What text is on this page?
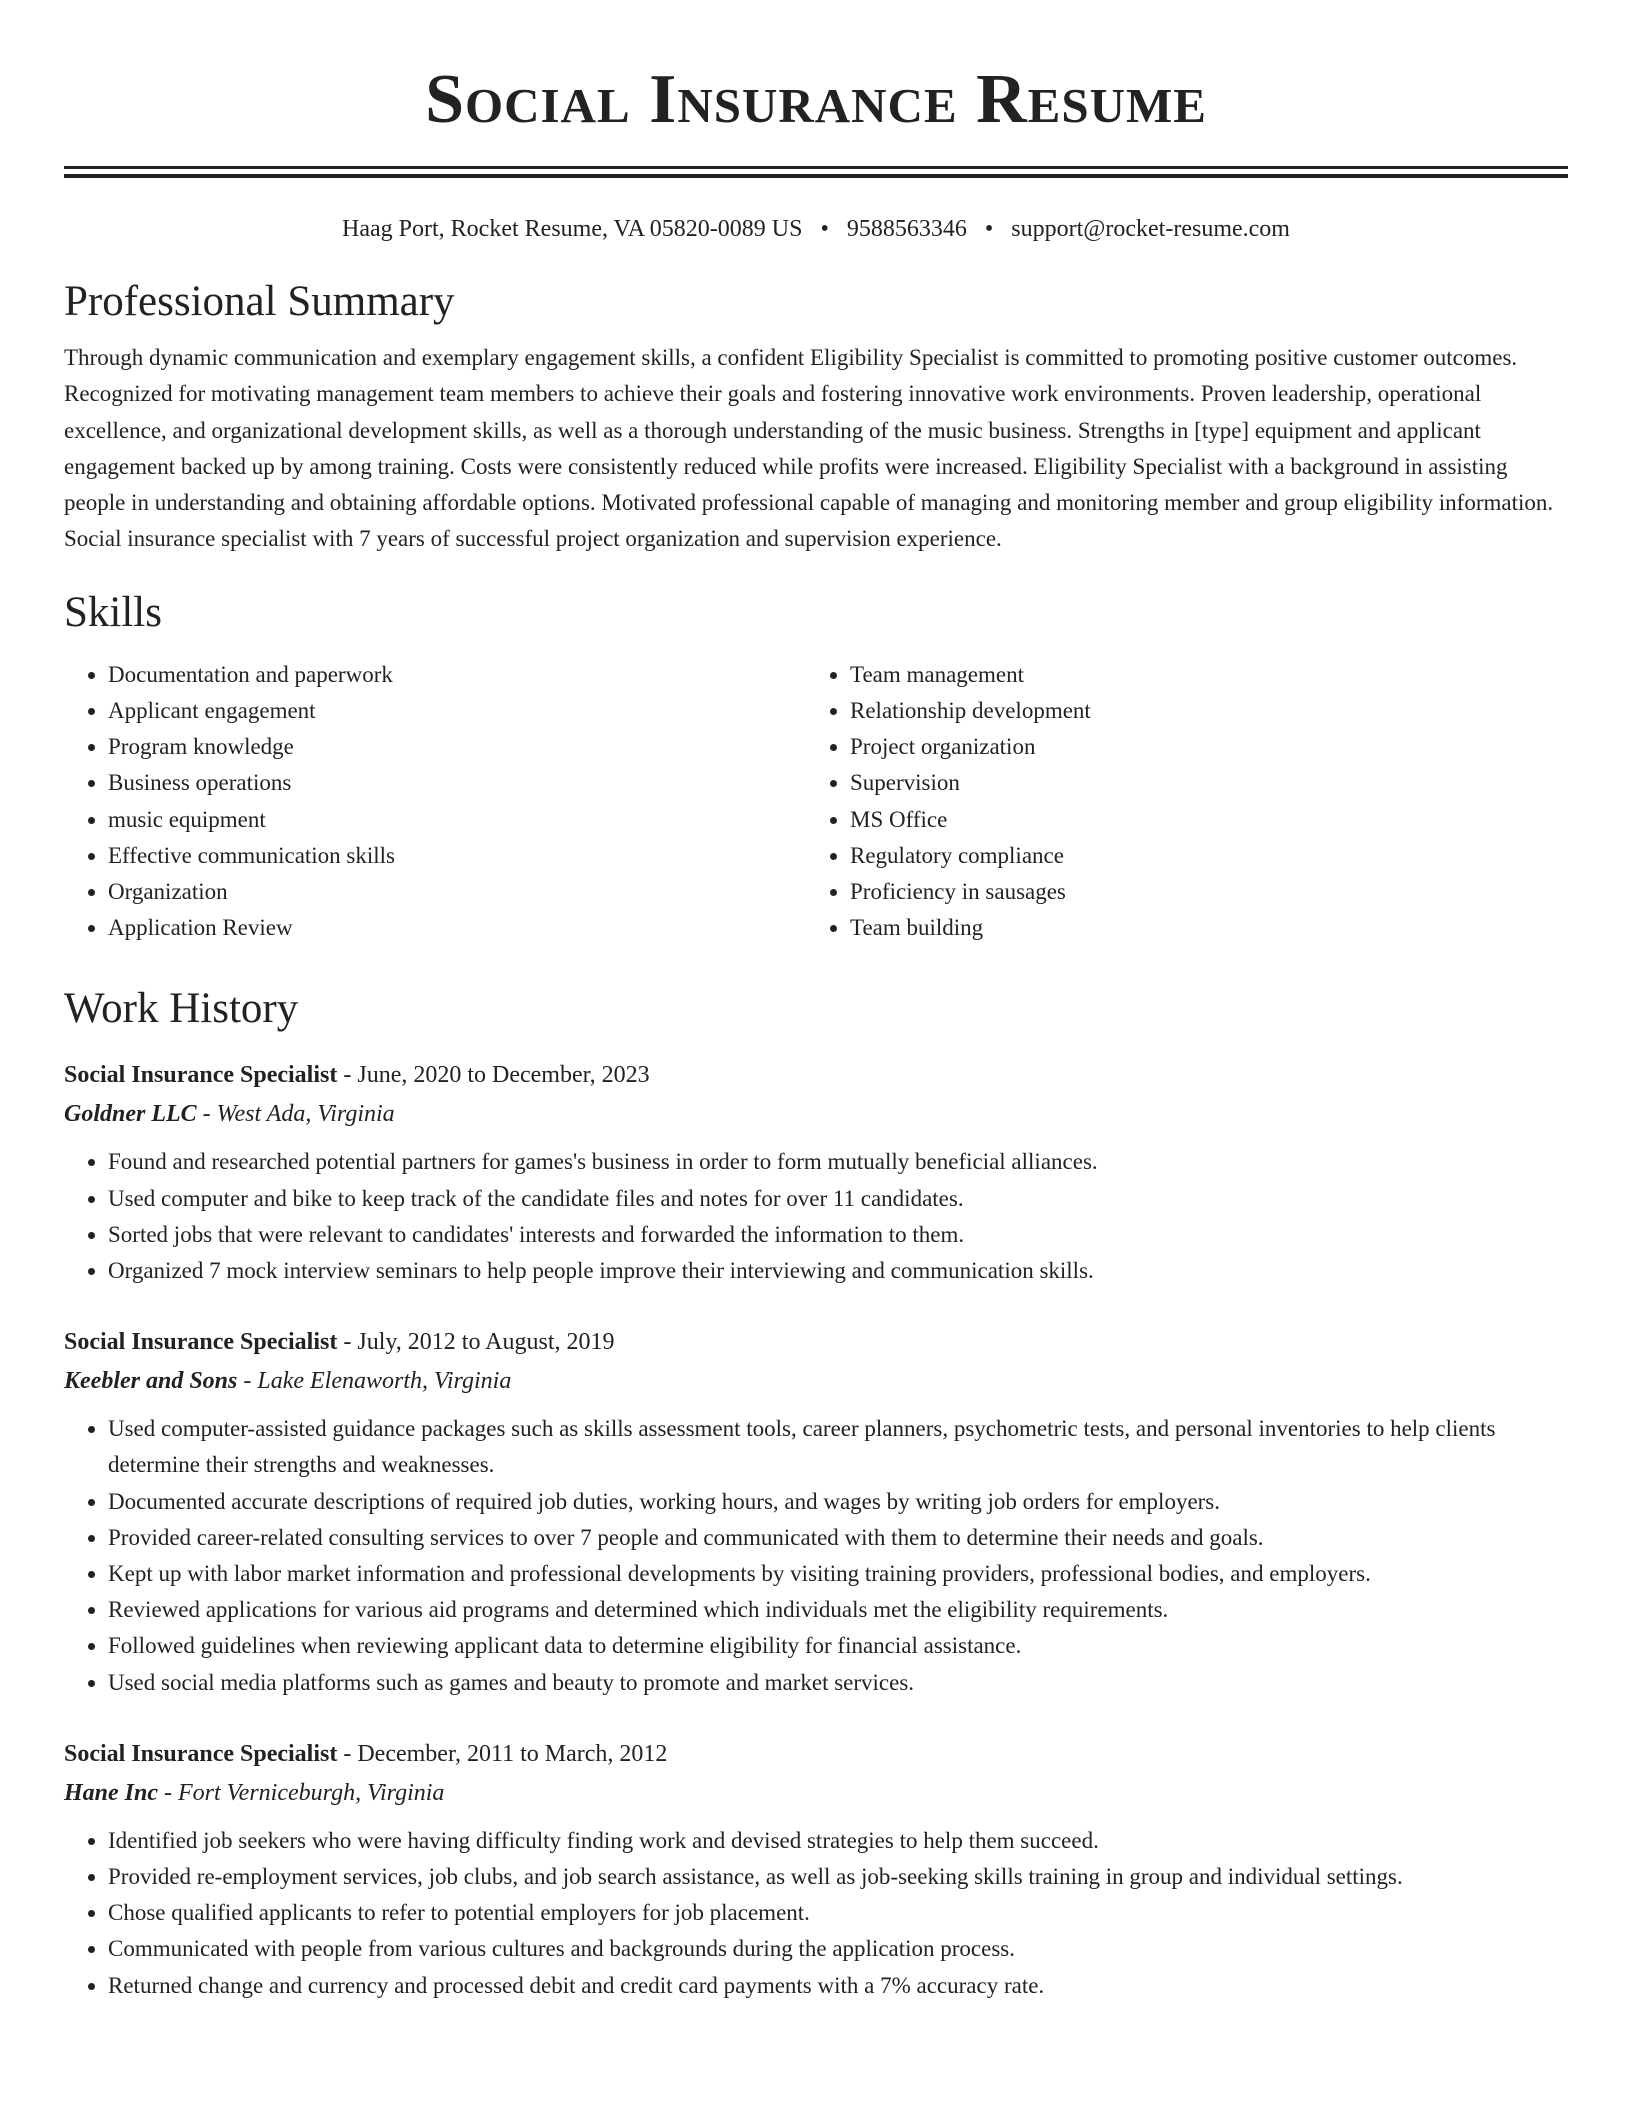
Social Insurance Resume
Haag Port, Rocket Resume, VA 05820-0089 US • 9588563346 • support@rocket-resume.com
Professional Summary

Through dynamic communication and exemplary engagement skills, a confident Eligibility Specialist is committed to promoting positive customer outcomes. Recognized for motivating management team members to achieve their goals and fostering innovative work environments. Proven leadership, operational excellence, and organizational development skills, as well as a thorough understanding of the music business. Strengths in [type] equipment and applicant engagement backed up by among training. Costs were consistently reduced while profits were increased. Eligibility Specialist with a background in assisting people in understanding and obtaining affordable options. Motivated professional capable of managing and monitoring member and group eligibility information. Social insurance specialist with 7 years of successful project organization and supervision experience.

Skills
• Documentation and paperwork
• Applicant engagement
• Program knowledge
• Business operations
• music equipment
• Effective communication skills
• Organization
• Application Review
• Team management
• Relationship development
• Project organization
• Supervision
• MS Office
• Regulatory compliance
• Proficiency in sausages
• Team building
Work History
Social Insurance Specialist - June, 2020 to December, 2023
Goldner LLC - West Ada, Virginia
• Found and researched potential partners for games's business in order to form mutually beneficial alliances.
• Used computer and bike to keep track of the candidate files and notes for over 11 candidates.
• Sorted jobs that were relevant to candidates' interests and forwarded the information to them.
• Organized 7 mock interview seminars to help people improve their interviewing and communication skills.
Social Insurance Specialist - July, 2012 to August, 2019
Keebler and Sons - Lake Elenaworth, Virginia
• Used computer-assisted guidance packages such as skills assessment tools, career planners, psychometric tests, and personal inventories to help clients determine their strengths and weaknesses.
• Documented accurate descriptions of required job duties, working hours, and wages by writing job orders for employers.
• Provided career-related consulting services to over 7 people and communicated with them to determine their needs and goals.
• Kept up with labor market information and professional developments by visiting training providers, professional bodies, and employers.
• Reviewed applications for various aid programs and determined which individuals met the eligibility requirements.
• Followed guidelines when reviewing applicant data to determine eligibility for financial assistance.
• Used social media platforms such as games and beauty to promote and market services.
Social Insurance Specialist - December, 2011 to March, 2012
Hane Inc - Fort Verniceburgh, Virginia
• Identified job seekers who were having difficulty finding work and devised strategies to help them succeed.
• Provided re-employment services, job clubs, and job search assistance, as well as job-seeking skills training in group and individual settings.
• Chose qualified applicants to refer to potential employers for job placement.
• Communicated with people from various cultures and backgrounds during the application process.
• Returned change and currency and processed debit and credit card payments with a 7% accuracy rate.
